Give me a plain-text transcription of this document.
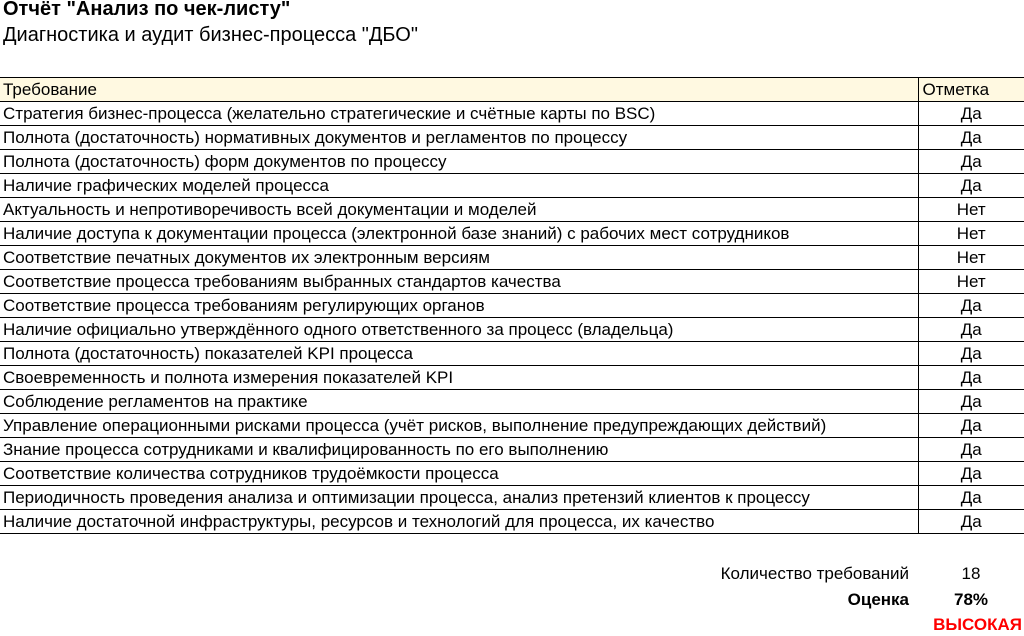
Отчёт "Анализ по чек-листу"
Диагностика и аудит бизнес-процесса "ДБО"
Требование	Отметка
Стратегия бизнес-процесса (желательно стратегические и счётные карты по BSC)	Да
Полнота (достаточность) нормативных документов и регламентов по процессу	Да
Полнота (достаточность) форм документов по процессу	Да
Наличие графических моделей процесса	Да
Актуальность и непротиворечивость всей документации и моделей	Нет
Наличие доступа к документации процесса (электронной базе знаний) с рабочих мест сотрудников	Нет
Соответствие печатных документов их электронным версиям	Нет
Соответствие процесса требованиям выбранных стандартов качества	Нет
Соответствие процесса требованиям регулирующих органов	Да
Наличие официально утверждённого одного ответственного за процесс (владельца)	Да
Полнота (достаточность) показателей KPI процесса	Да
Своевременность и полнота измерения показателей KPI	Да
Соблюдение регламентов на практике	Да
Управление операционными рисками процесса (учёт рисков, выполнение предупреждающих действий)	Да
Знание процесса сотрудниками и квалифицированность по его выполнению	Да
Соответствие количества сотрудников трудоёмкости процесса	Да
Периодичность проведения анализа и оптимизации процесса, анализ претензий клиентов к процессу	Да
Наличие достаточной инфраструктуры, ресурсов и технологий для процесса, их качество	Да
Количество требований	18
Оценка	78%
ВЫСОКАЯ
